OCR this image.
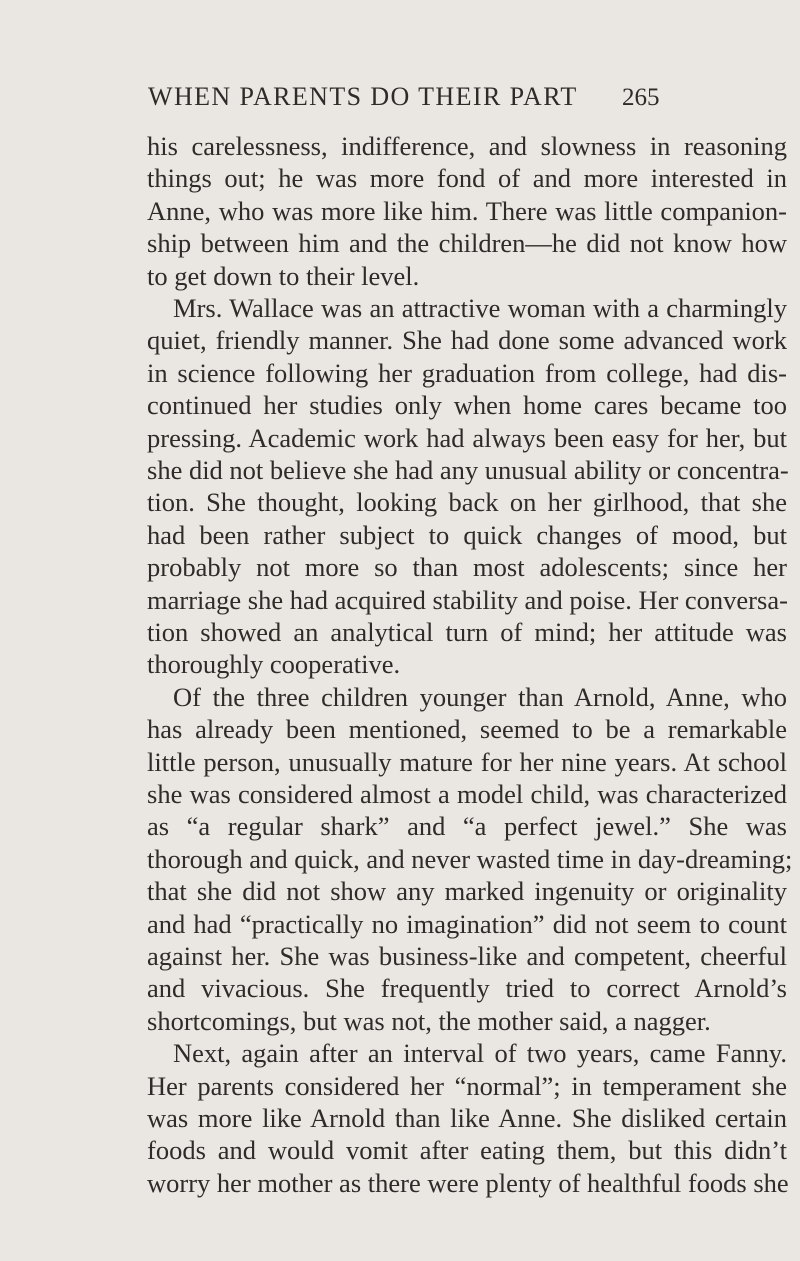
WHEN PARENTS DO THEIR PART 265
his carelessness, indifference, and slowness in reasoning
things out; he was more fond of and more interested in
Anne, who was more like him. There was little companion-
ship between him and the children—he did not know how
to get down to their level.
Mrs. Wallace was an attractive woman with a charmingly
quiet, friendly manner. She had done some advanced work
in science following her graduation from college, had dis-
continued her studies only when home cares became too
pressing. Academic work had always been easy for her, but
she did not believe she had any unusual ability or concentra-
tion. She thought, looking back on her girlhood, that she
had been rather subject to quick changes of mood, but
probably not more so than most adolescents; since her
marriage she had acquired stability and poise. Her conversa-
tion showed an analytical turn of mind; her attitude was
thoroughly cooperative.
Of the three children younger than Arnold, Anne, who
has already been mentioned, seemed to be a remarkable
little person, unusually mature for her nine years. At school
she was considered almost a model child, was characterized
as “a regular shark” and “a perfect jewel.” She was
thorough and quick, and never wasted time in day-dreaming;
that she did not show any marked ingenuity or originality
and had “practically no imagination” did not seem to count
against her. She was business-like and competent, cheerful
and vivacious. She frequently tried to correct Arnold’s
shortcomings, but was not, the mother said, a nagger.
Next, again after an interval of two years, came Fanny.
Her parents considered her “normal”; in temperament she
was more like Arnold than like Anne. She disliked certain
foods and would vomit after eating them, but this didn’t
worry her mother as there were plenty of healthful foods she
